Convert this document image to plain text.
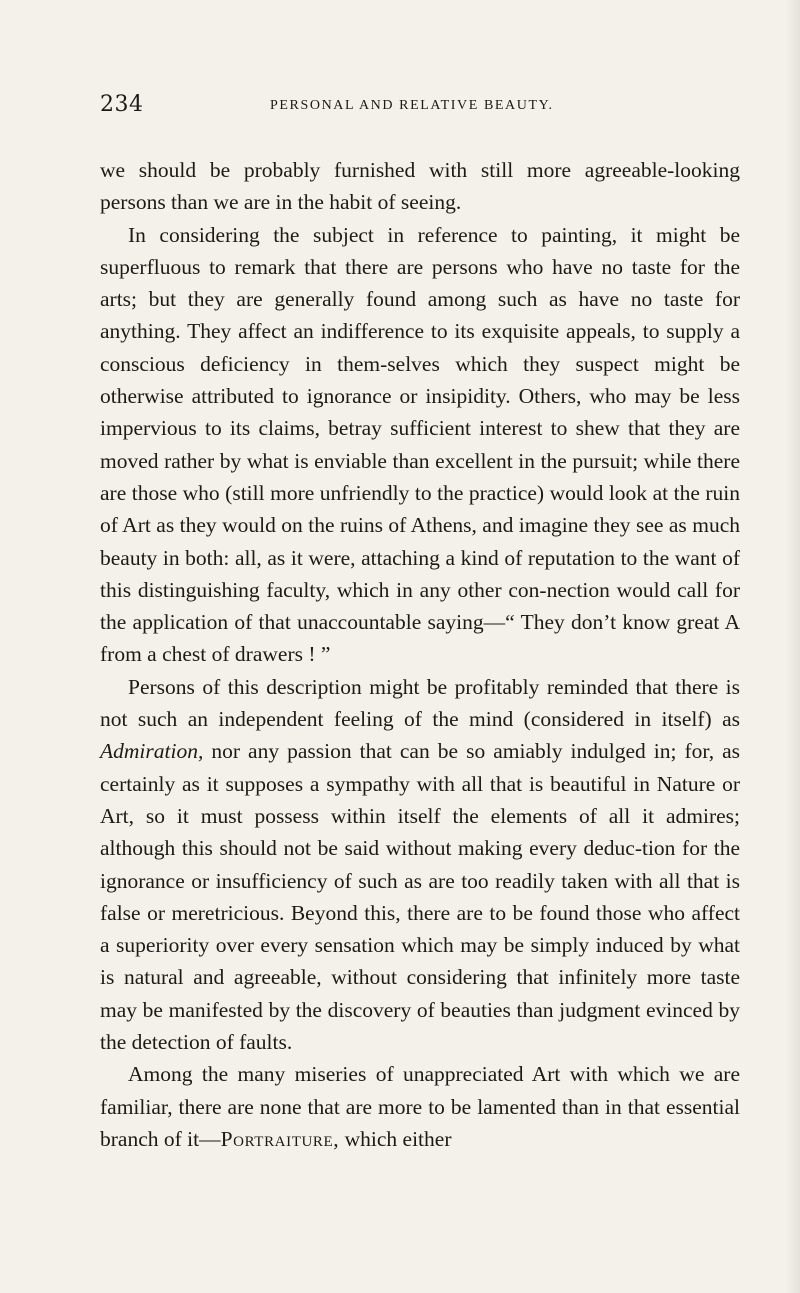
234	PERSONAL AND RELATIVE BEAUTY.

we should be probably furnished with still more agreeable-looking persons than we are in the habit of seeing.

In considering the subject in reference to painting, it might be superfluous to remark that there are persons who have no taste for the arts; but they are generally found among such as have no taste for anything. They affect an indifference to its exquisite appeals, to supply a conscious deficiency in them-selves which they suspect might be otherwise attributed to ignorance or insipidity. Others, who may be less impervious to its claims, betray sufficient interest to shew that they are moved rather by what is enviable than excellent in the pursuit; while there are those who (still more unfriendly to the practice) would look at the ruin of Art as they would on the ruins of Athens, and imagine they see as much beauty in both: all, as it were, attaching a kind of reputation to the want of this distinguishing faculty, which in any other con-nection would call for the application of that unaccountable saying—“ They don’t know great A from a chest of drawers ! ”

Persons of this description might be profitably reminded that there is not such an independent feeling of the mind (considered in itself) as Admiration, nor any passion that can be so amiably indulged in; for, as certainly as it supposes a sympathy with all that is beautiful in Nature or Art, so it must possess within itself the elements of all it admires; although this should not be said without making every deduc-tion for the ignorance or insufficiency of such as are too readily taken with all that is false or meretricious. Beyond this, there are to be found those who affect a superiority over every sensation which may be simply induced by what is natural and agreeable, without considering that infinitely more taste may be manifested by the discovery of beauties than judgment evinced by the detection of faults.

Among the many miseries of unappreciated Art with which we are familiar, there are none that are more to be lamented than in that essential branch of it—Portraiture, which either
